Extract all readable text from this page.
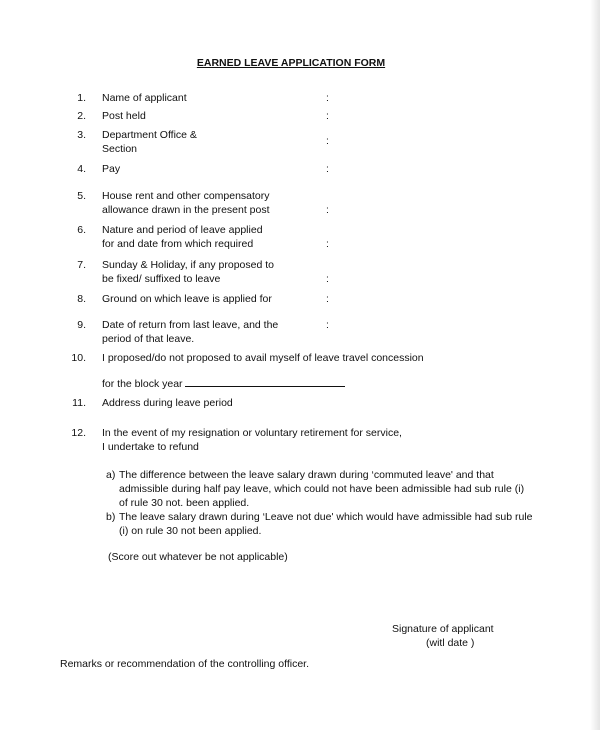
EARNED LEAVE APPLICATION FORM
1. Name of applicant	:
2. Post held	:
3. Department Office &
Section
:
4. Pay	:
5. House rent and other compensatory
allowance drawn in the present post	:
6. Nature and period of leave applied
for and date from which required	:
7. Sunday & Holiday, if any proposed to
be fixed/ suffixed to leave	:
8. Ground on which leave is applied for	:
9. Date of return from last leave, and the
period of that leave.
:
10. I proposed/do not proposed to avail myself of leave travel concession
for the block year
11. Address during leave period
12. In the event of my resignation or voluntary retirement for service,
I undertake to refund
a) The difference between the leave salary drawn during ‘commuted leave' and that admissible during half pay leave, which could not have been admissible had sub rule (i) of rule 30 not. been applied.
b) The leave salary drawn during ‘Leave not due' which would have admissible had sub rule (i) on rule 30 not been applied.
(Score out whatever be not applicable)
Signature of applicant
(witl date )
Remarks or recommendation of the controlling officer.
